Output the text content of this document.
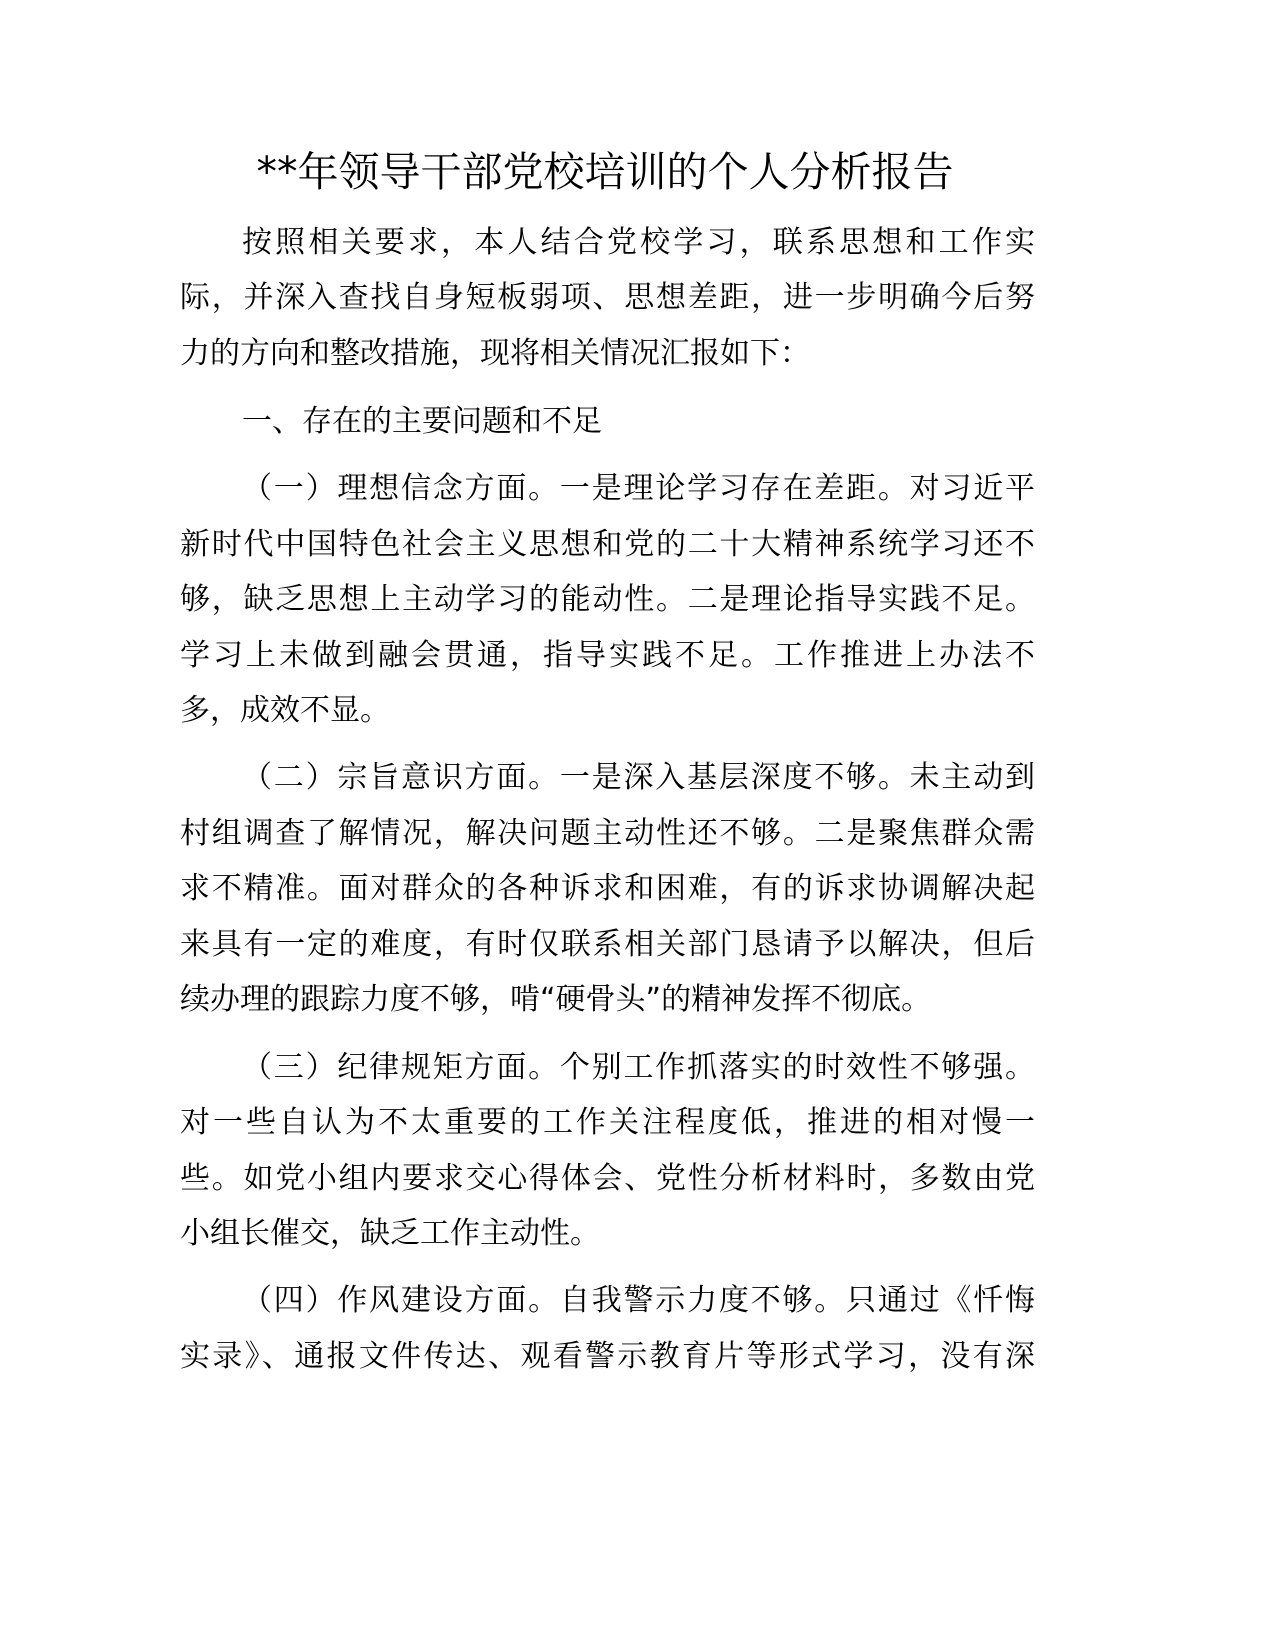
**年领导干部党校培训的个人分析报告
按照相关要求，本人结合党校学习，联系思想和工作实
际，并深入查找自身短板弱项、思想差距，进一步明确今后努
力的方向和整改措施，现将相关情况汇报如下：
一、存在的主要问题和不足
（一）理想信念方面。一是理论学习存在差距。对习近平
新时代中国特色社会主义思想和党的二十大精神系统学习还不
够，缺乏思想上主动学习的能动性。二是理论指导实践不足。
学习上未做到融会贯通，指导实践不足。工作推进上办法不
多，成效不显。
（二）宗旨意识方面。一是深入基层深度不够。未主动到
村组调查了解情况，解决问题主动性还不够。二是聚焦群众需
求不精准。面对群众的各种诉求和困难，有的诉求协调解决起
来具有一定的难度，有时仅联系相关部门恳请予以解决，但后
续办理的跟踪力度不够，啃“硬骨头”的精神发挥不彻底。
（三）纪律规矩方面。个别工作抓落实的时效性不够强。
对一些自认为不太重要的工作关注程度低，推进的相对慢一
些。如党小组内要求交心得体会、党性分析材料时，多数由党
小组长催交，缺乏工作主动性。
（四）作风建设方面。自我警示力度不够。只通过《忏悔
实录》、通报文件传达、观看警示教育片等形式学习，没有深
